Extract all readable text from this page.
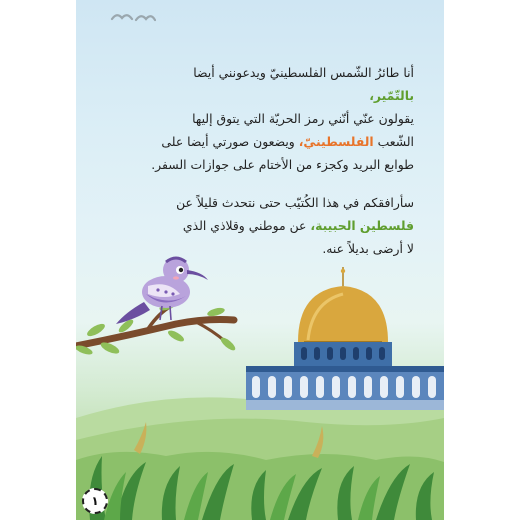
أنا طائرُ الشّمس الفلسطينيّ ويدعونني أيضا
بالتّمّير،
يقولون عنّي أنّني رمز الحريّة التي يتوق إليها
الشّعب الفلسطينيّ، ويضعون صورتي أيضا على
طوابع البريد وكجزء من الأختام على جوازات السفر.
سأرافقكم في هذا الكُتيّب حتى نتحدث قليلاً عن
فلسطين الحبيبة، عن موطني وقلاذي الذي
لا أرضى بديلاً عنه.
١
